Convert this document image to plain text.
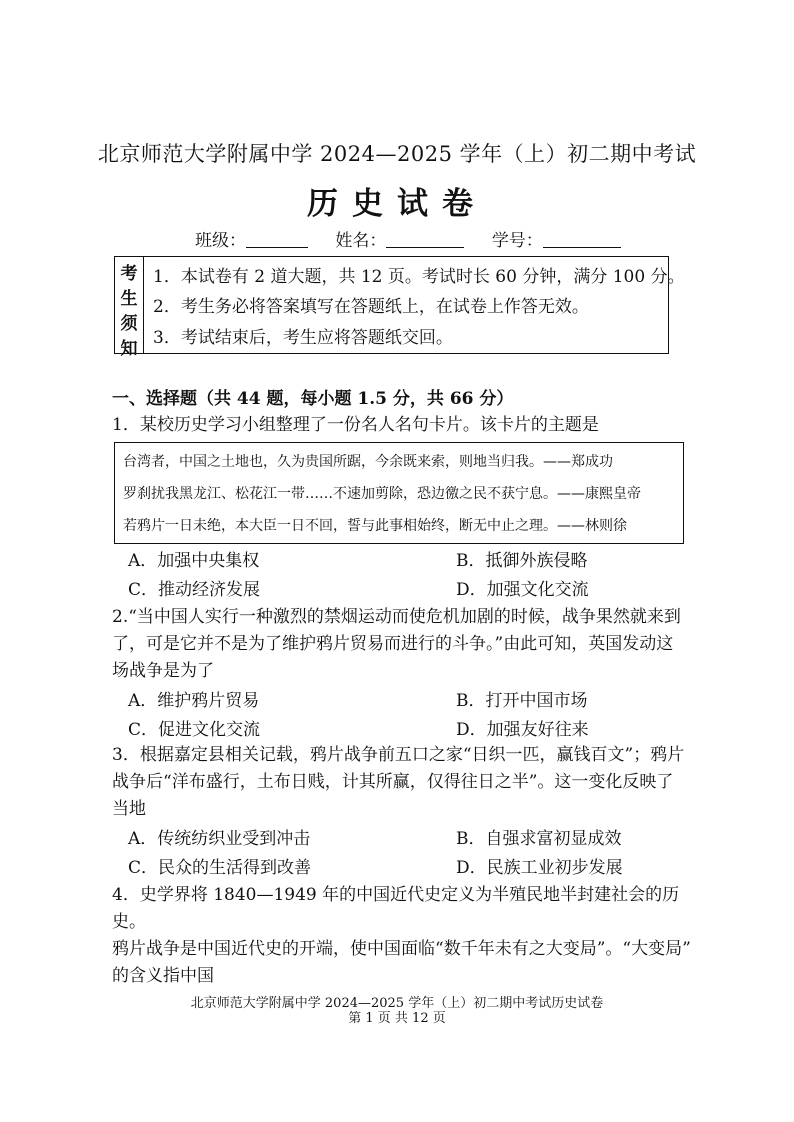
北京师范大学附属中学 2024—2025 学年（上）初二期中考试
历史试卷
班级：	姓名：	学号：
考
生
须
知
1．本试卷有 2 道大题，共 12 页。考试时长 60 分钟，满分 100 分。
2．考生务必将答案填写在答题纸上，在试卷上作答无效。
3．考试结束后，考生应将答题纸交回。
一、选择题（共 44 题，每小题 1.5 分，共 66 分）
1．某校历史学习小组整理了一份名人名句卡片。该卡片的主题是
台湾者，中国之土地也，久为贵国所踞，今余既来索，则地当归我。——郑成功
罗刹扰我黑龙江、松花江一带……不速加剪除，恐边徼之民不获宁息。——康熙皇帝
若鸦片一日未绝，本大臣一日不回，誓与此事相始终，断无中止之理。——林则徐
A．加强中央集权	B．抵御外族侵略
C．推动经济发展	D．加强文化交流
2.“当中国人实行一种激烈的禁烟运动而使危机加剧的时候，战争果然就来到
了，可是它并不是为了维护鸦片贸易而进行的斗争。”由此可知，英国发动这
场战争是为了
A．维护鸦片贸易	B．打开中国市场
C．促进文化交流	D．加强友好往来
3．根据嘉定县相关记载，鸦片战争前五口之家“日织一匹，赢钱百文”；鸦片
战争后“洋布盛行，土布日贱，计其所赢，仅得往日之半”。这一变化反映了
当地
A．传统纺织业受到冲击	B．自强求富初显成效
C．民众的生活得到改善	D．民族工业初步发展
4．史学界将 1840—1949 年的中国近代史定义为半殖民地半封建社会的历史。
鸦片战争是中国近代史的开端，使中国面临“数千年未有之大变局”。“大变局”
的含义指中国
北京师范大学附属中学 2024—2025 学年（上）初二期中考试历史试卷
第 1 页 共 12 页
